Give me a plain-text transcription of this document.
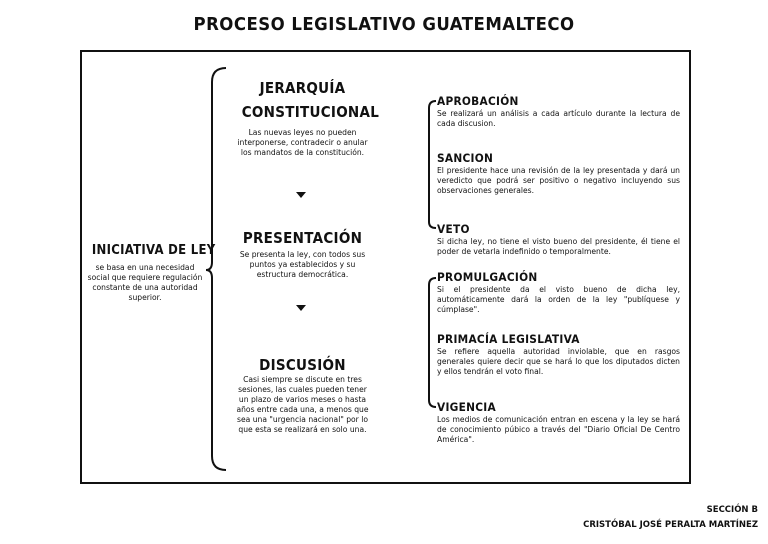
PROCESO LEGISLATIVO GUATEMALTECO
INICIATIVA DE LEY
se basa en una necesidad social que requiere regulación constante de una autoridad superior.
JERARQUÍA
CONSTITUCIONAL
Las nuevas leyes no pueden interponerse, contradecir o anular los mandatos de la constitución.
PRESENTACIÓN
Se presenta la ley, con todos sus puntos ya establecidos y su estructura democrática.
DISCUSIÓN
Casi siempre se discute en tres sesiones, las cuales pueden tener un plazo de varios meses o hasta años entre cada una, a menos que sea una "urgencia nacional" por lo que esta se realizará en solo una.
APROBACIÓN
Se realizará un análisis a cada artículo durante la lectura de cada discusion.
SANCION
El presidente hace una revisión de la ley presentada y dará un veredicto que podrá ser positivo o negativo incluyendo sus observaciones generales.
VETO
Si dicha ley, no tiene el visto bueno del presidente, él tiene el poder de vetarla indefinido o temporalmente.
PROMULGACIÓN
Si el presidente da el visto bueno de dicha ley, automáticamente dará la orden de la ley "publíquese y cúmplase".
PRIMACÍA LEGISLATIVA
Se refiere aquella autoridad inviolable, que en rasgos generales quiere decir que se hará lo que los diputados dicten y ellos tendrán el voto final.
VIGENCIA
Los medios de comunicación entran en escena y la ley se hará de conocimiento púbico a través del "Diario Oficial De Centro América".
SECCIÓN B
CRISTÓBAL JOSÉ PERALTA MARTÍNEZ
